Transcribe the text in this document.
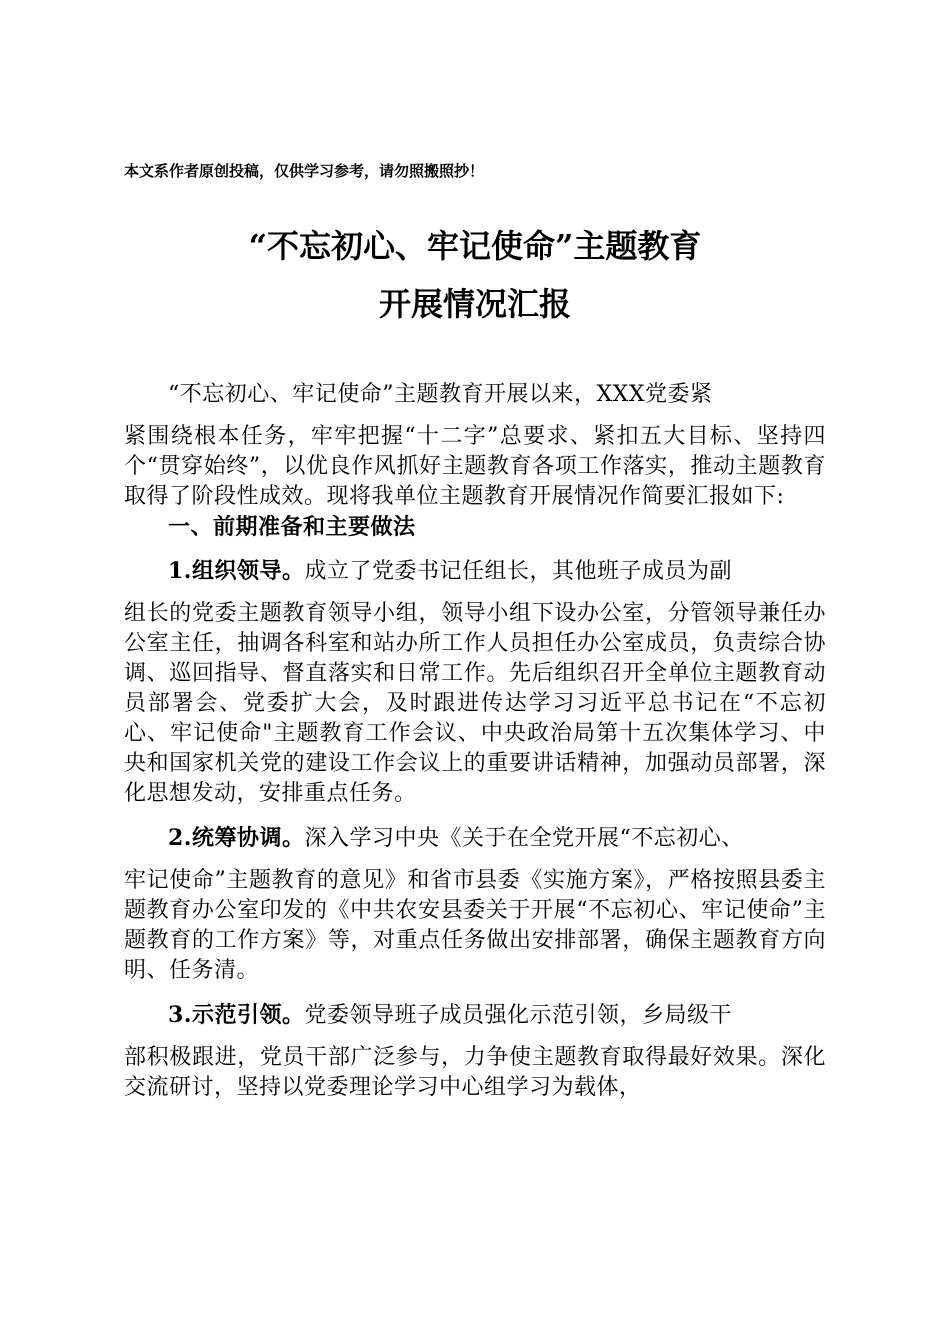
本文系作者原创投稿，仅供学习参考，请勿照搬照抄！
“不忘初心、牢记使命”主题教育
开展情况汇报

“不忘初心、牢记使命”主题教育开展以来，XXX党委紧
紧围绕根本任务，牢牢把握“十二字”总要求、紧扣五大目标、坚持四个“贯穿始终”，以优良作风抓好主题教育各项工作落实，推动主题教育取得了阶段性成效。现将我单位主题教育开展情况作简要汇报如下:

一、前期准备和主要做法

1.组织领导。成立了党委书记任组长，其他班子成员为副
组长的党委主题教育领导小组，领导小组下设办公室，分管领导兼任办公室主任，抽调各科室和站办所工作人员担任办公室成员，负责综合协调、巡回指导、督直落实和日常工作。先后组织召开全单位主题教育动员部署会、党委扩大会，及时跟进传达学习习近平总书记在“不忘初心、牢记使命"主题教育工作会议、中央政治局第十五次集体学习、中央和国家机关党的建设工作会议上的重要讲话精神，加强动员部署，深化思想发动，安排重点任务。

2.统筹协调。深入学习中央《关于在全党开展“不忘初心、
牢记使命”主题教育的意见》和省市县委《实施方案》，严格按照县委主题教育办公室印发的《中共农安县委关于开展“不忘初心、牢记使命”主题教育的工作方案》等，对重点任务做出安排部署，确保主题教育方向明、任务清。

3.示范引领。党委领导班子成员强化示范引领，乡局级干
部积极跟进，党员干部广泛参与，力争使主题教育取得最好效果。深化交流研讨，坚持以党委理论学习中心组学习为载体，
